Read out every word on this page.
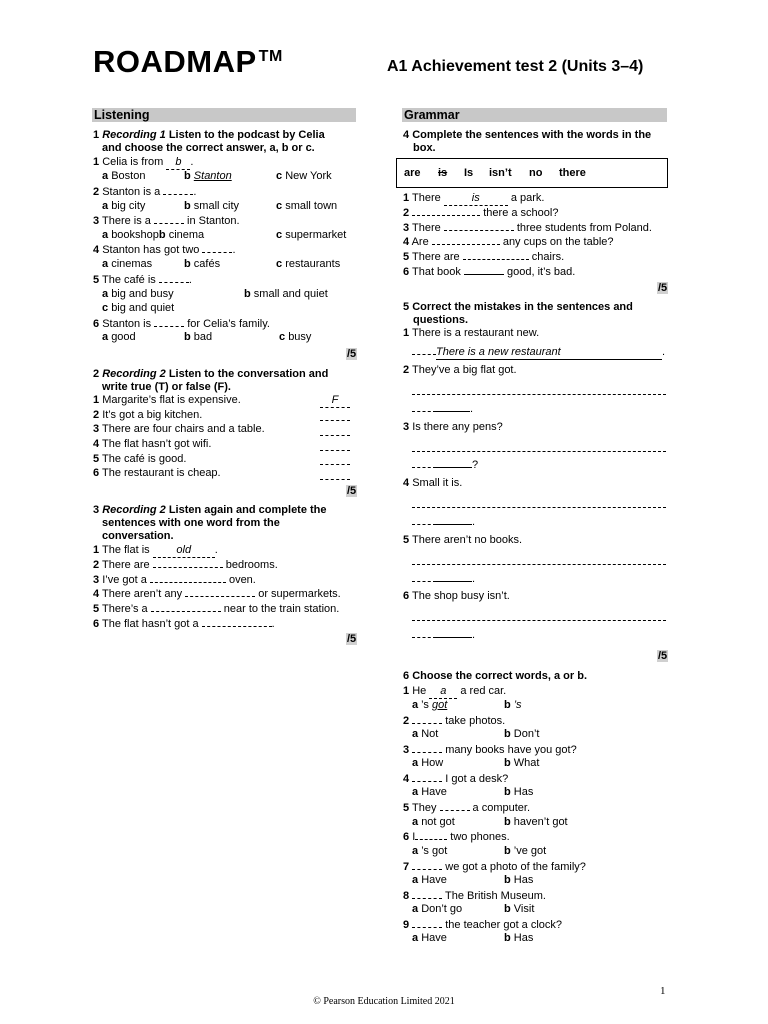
ROADMAP ™
A1 Achievement test 2 (Units 3–4)
Listening
1 Recording 1 Listen to the podcast by Celia
and choose the correct answer, a, b or c.
1 Celia is from b .
a Boston	b Stanton	c New York
2 Stanton is a	.
a big city	b small city	c small town
3 There is a	in Stanton.
a bookshopb cinema	c supermarket
4 Stanton has got two	.
a cinemas	b cafés	c restaurants
5 The café is	.
a big and busy	b small and quiet
c big and quiet
6 Stanton is	for Celia’s family.
a good	b bad	c busy
/5
2 Recording 2 Listen to the conversation and
write true (T) or false (F).
1 Margarite’s flat is expensive.	F
2 It’s got a big kitchen.
3 There are four chairs and a table.
4 The flat hasn’t got wifi.
5 The café is good.
6 The restaurant is cheap.
/5
3 Recording 2 Listen again and complete the
sentences with one word from the
conversation.
1 The flat is old .
2 There are	bedrooms.
3 I’ve got a	oven.
4 There aren’t any	or supermarkets.
5 There’s a	near to the train station.
6 The flat hasn’t got a	.
/5
Grammar
4 Complete the sentences with the words in the
box.
are is Is isn’t no there
1 There	is	a park.
2	there a school?
3 There	three students from Poland.
4 Are	any cups on the table?
5 There are	chairs.
6 That book	good, it’s bad.
/5
5 Correct the mistakes in the sentences and
questions.
1 There is a restaurant new.
There is a new restaurant	.
2 They’ve a big flat got.
.
3 Is there any pens?
?
4 Small it is.
.
5 There aren’t no books.
.
6 The shop busy isn’t.
.
/5
6 Choose the correct words, a or b.
1 He a a red car.
a ’s got	b ’s
2	take photos.
a Not	b Don’t
3	many books have you got?
a How	b What
4	I got a desk?
a Have	b Has
5 They	a computer.
a not got	b haven’t got
6 I	two phones.
a ’s got	b ’ve got
7	we got a photo of the family?
a Have	b Has
8	The British Museum.
a Don’t go	b Visit
9	the teacher got a clock?
a Have	b Has
1
© Pearson Education Limited 2021
